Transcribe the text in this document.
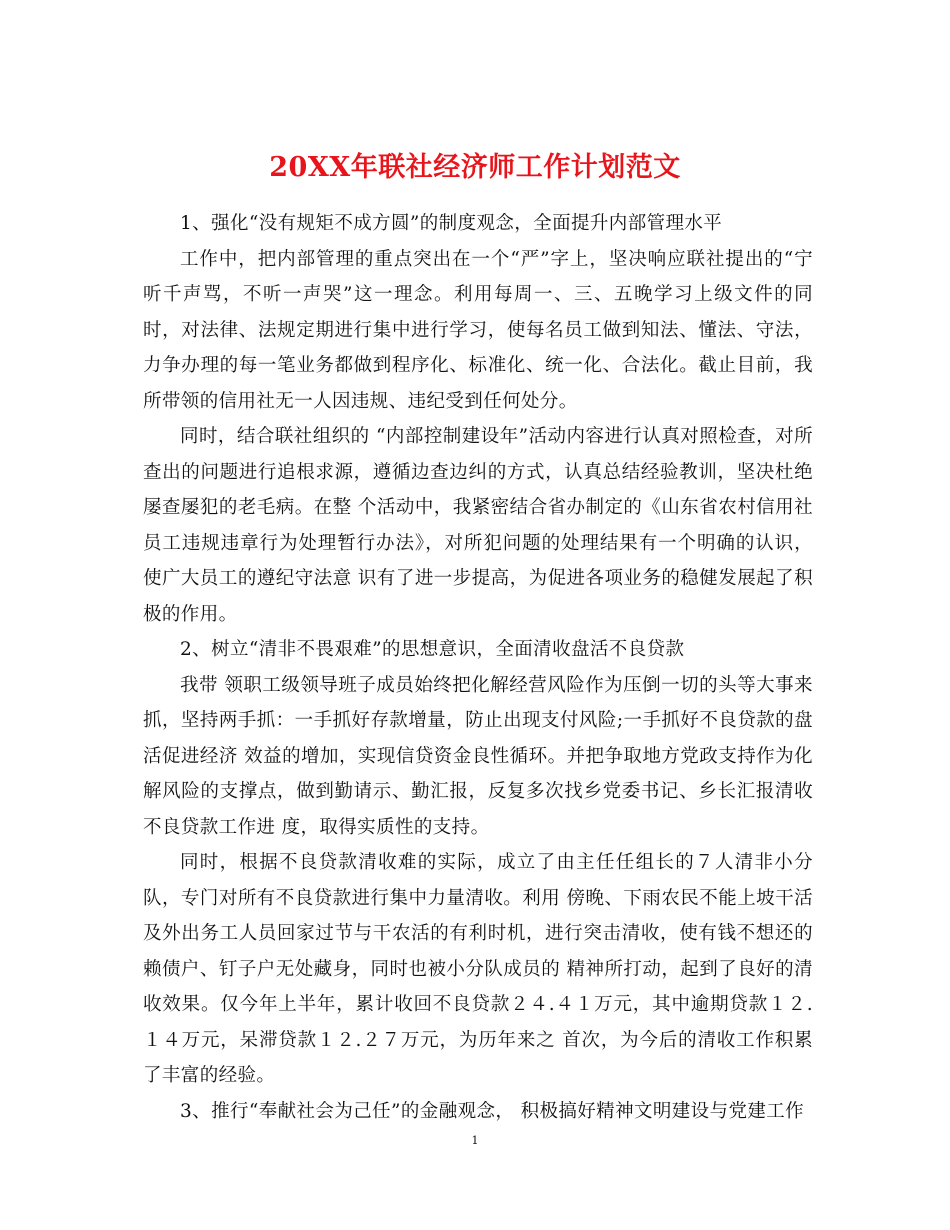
20XX年联社经济师工作计划范文

1、强化“没有规矩不成方圆”的制度观念，全面提升内部管理水平

工作中，把内部管理的重点突出在一个“严”字上，坚决响应联社提出的“宁听千声骂，不听一声哭”这一理念。利用每周一、三、五晚学习上级文件的同时，对法律、法规定期进行集中进行学习，使每名员工做到知法、懂法、守法，力争办理的每一笔业务都做到程序化、标准化、统一化、合法化。截止目前，我所带领的信用社无一人因违规、违纪受到任何处分。

同时，结合联社组织的 “内部控制建设年”活动内容进行认真对照检查，对所查出的问题进行追根求源，遵循边查边纠的方式，认真总结经验教训，坚决杜绝屡查屡犯的老毛病。在整 个活动中，我紧密结合省办制定的《山东省农村信用社员工违规违章行为处理暂行办法》，对所犯问题的处理结果有一个明确的认识，使广大员工的遵纪守法意 识有了进一步提高，为促进各项业务的稳健发展起了积极的作用。

2、树立“清非不畏艰难”的思想意识，全面清收盘活不良贷款

我带 领职工级领导班子成员始终把化解经营风险作为压倒一切的头等大事来抓，坚持两手抓：一手抓好存款增量，防止出现支付风险;一手抓好不良贷款的盘活促进经济 效益的增加，实现信贷资金良性循环。并把争取地方党政支持作为化解风险的支撑点，做到勤请示、勤汇报，反复多次找乡党委书记、乡长汇报清收不良贷款工作进 度，取得实质性的支持。

同时，根据不良贷款清收难的实际，成立了由主任任组长的７人清非小分队，专门对所有不良贷款进行集中力量清收。利用 傍晚、下雨农民不能上坡干活及外出务工人员回家过节与干农活的有利时机，进行突击清收，使有钱不想还的赖债户、钉子户无处藏身，同时也被小分队成员的 精神所打动，起到了良好的清收效果。仅今年上半年，累计收回不良贷款２４.４１万元，其中逾期贷款１２.１４万元，呆滞贷款１２.２７万元，为历年来之 首次，为今后的清收工作积累了丰富的经验。

3、推行“奉献社会为己任”的金融观念， 积极搞好精神文明建设与党建工作

1
